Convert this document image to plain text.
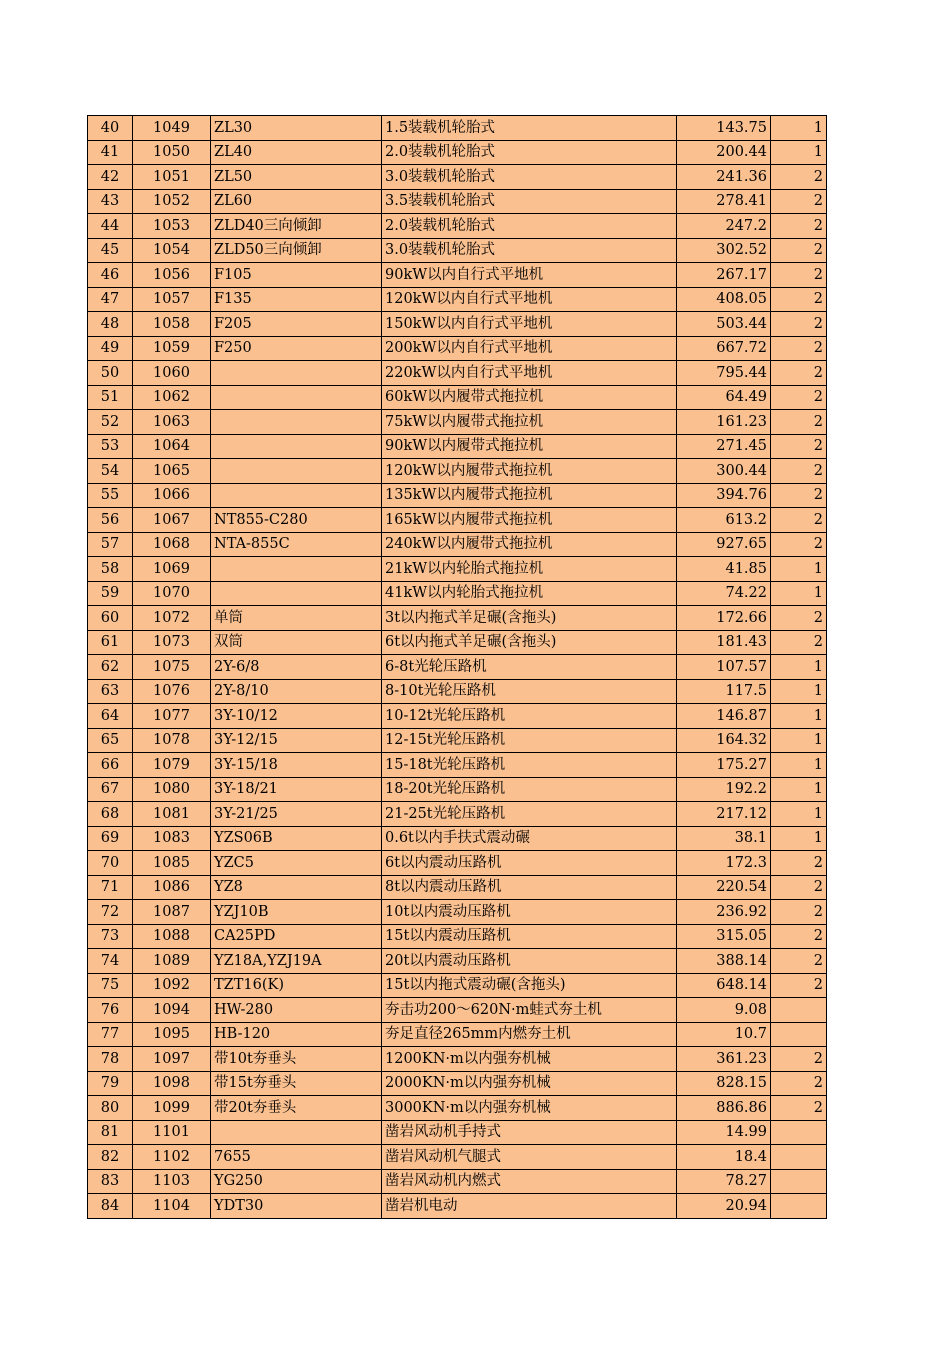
40	1049	ZL30	1.5装载机轮胎式	143.75	1
41	1050	ZL40	2.0装载机轮胎式	200.44	1
42	1051	ZL50	3.0装载机轮胎式	241.36	2
43	1052	ZL60	3.5装载机轮胎式	278.41	2
44	1053	ZLD40三向倾卸	2.0装载机轮胎式	247.2	2
45	1054	ZLD50三向倾卸	3.0装载机轮胎式	302.52	2
46	1056	F105	90kW以内自行式平地机	267.17	2
47	1057	F135	120kW以内自行式平地机	408.05	2
48	1058	F205	150kW以内自行式平地机	503.44	2
49	1059	F250	200kW以内自行式平地机	667.72	2
50	1060		220kW以内自行式平地机	795.44	2
51	1062		60kW以内履带式拖拉机	64.49	2
52	1063		75kW以内履带式拖拉机	161.23	2
53	1064		90kW以内履带式拖拉机	271.45	2
54	1065		120kW以内履带式拖拉机	300.44	2
55	1066		135kW以内履带式拖拉机	394.76	2
56	1067	NT855-C280	165kW以内履带式拖拉机	613.2	2
57	1068	NTA-855C	240kW以内履带式拖拉机	927.65	2
58	1069		21kW以内轮胎式拖拉机	41.85	1
59	1070		41kW以内轮胎式拖拉机	74.22	1
60	1072	单筒	3t以内拖式羊足碾(含拖头)	172.66	2
61	1073	双筒	6t以内拖式羊足碾(含拖头)	181.43	2
62	1075	2Y-6/8	6-8t光轮压路机	107.57	1
63	1076	2Y-8/10	8-10t光轮压路机	117.5	1
64	1077	3Y-10/12	10-12t光轮压路机	146.87	1
65	1078	3Y-12/15	12-15t光轮压路机	164.32	1
66	1079	3Y-15/18	15-18t光轮压路机	175.27	1
67	1080	3Y-18/21	18-20t光轮压路机	192.2	1
68	1081	3Y-21/25	21-25t光轮压路机	217.12	1
69	1083	YZS06B	0.6t以内手扶式震动碾	38.1	1
70	1085	YZC5	6t以内震动压路机	172.3	2
71	1086	YZ8	8t以内震动压路机	220.54	2
72	1087	YZJ10B	10t以内震动压路机	236.92	2
73	1088	CA25PD	15t以内震动压路机	315.05	2
74	1089	YZ18A,YZJ19A	20t以内震动压路机	388.14	2
75	1092	TZT16(K)	15t以内拖式震动碾(含拖头)	648.14	2
76	1094	HW-280	夯击功200～620N·m蛙式夯土机	9.08	
77	1095	HB-120	夯足直径265mm内燃夯土机	10.7	
78	1097	带10t夯垂头	1200KN·m以内强夯机械	361.23	2
79	1098	带15t夯垂头	2000KN·m以内强夯机械	828.15	2
80	1099	带20t夯垂头	3000KN·m以内强夯机械	886.86	2
81	1101		凿岩风动机手持式	14.99	
82	1102	7655	凿岩风动机气腿式	18.4	
83	1103	YG250	凿岩风动机内燃式	78.27	
84	1104	YDT30	凿岩机电动	20.94	
